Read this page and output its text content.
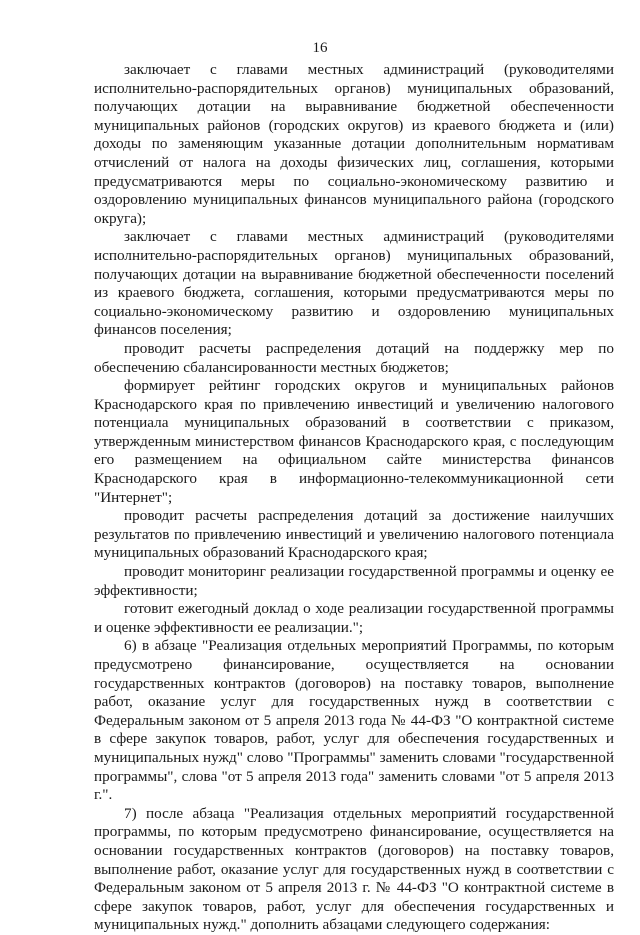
16

заключает с главами местных администраций (руководителями исполнительно-распорядительных органов) муниципальных образований, получающих дотации на выравнивание бюджетной обеспеченности муниципальных районов (городских округов) из краевого бюджета и (или) доходы по заменяющим указанные дотации дополнительным нормативам отчислений от налога на доходы физических лиц, соглашения, которыми предусматриваются меры по социально-экономическому развитию и оздоровлению муниципальных финансов муниципального района (городского округа);

заключает с главами местных администраций (руководителями исполнительно-распорядительных органов) муниципальных образований, получающих дотации на выравнивание бюджетной обеспеченности поселений из краевого бюджета, соглашения, которыми предусматриваются меры по социально-экономическому развитию и оздоровлению муниципальных финансов поселения;

проводит расчеты распределения дотаций на поддержку мер по обеспечению сбалансированности местных бюджетов;

формирует рейтинг городских округов и муниципальных районов Краснодарского края по привлечению инвестиций и увеличению налогового потенциала муниципальных образований в соответствии с приказом, утвержденным министерством финансов Краснодарского края, с последующим его размещением на официальном сайте министерства финансов Краснодарского края в информационно-телекоммуникационной сети "Интернет";

проводит расчеты распределения дотаций за достижение наилучших результатов по привлечению инвестиций и увеличению налогового потенциала муниципальных образований Краснодарского края;

проводит мониторинг реализации государственной программы и оценку ее эффективности;

готовит ежегодный доклад о ходе реализации государственной программы и оценке эффективности ее реализации.";

6) в абзаце "Реализация отдельных мероприятий Программы, по которым предусмотрено финансирование, осуществляется на основании государственных контрактов (договоров) на поставку товаров, выполнение работ, оказание услуг для государственных нужд в соответствии с Федеральным законом от 5 апреля 2013 года № 44-ФЗ "О контрактной системе в сфере закупок товаров, работ, услуг для обеспечения государственных и муниципальных нужд" слово "Программы" заменить словами "государственной программы", слова "от 5 апреля 2013 года" заменить словами "от 5 апреля 2013 г.".

7) после абзаца "Реализация отдельных мероприятий государственной программы, по которым предусмотрено финансирование, осуществляется на основании государственных контрактов (договоров) на поставку товаров, выполнение работ, оказание услуг для государственных нужд в соответствии с Федеральным законом от 5 апреля 2013 г. № 44-ФЗ "О контрактной системе в сфере закупок товаров, работ, услуг для обеспечения государственных и муниципальных нужд." дополнить абзацами следующего содержания:
